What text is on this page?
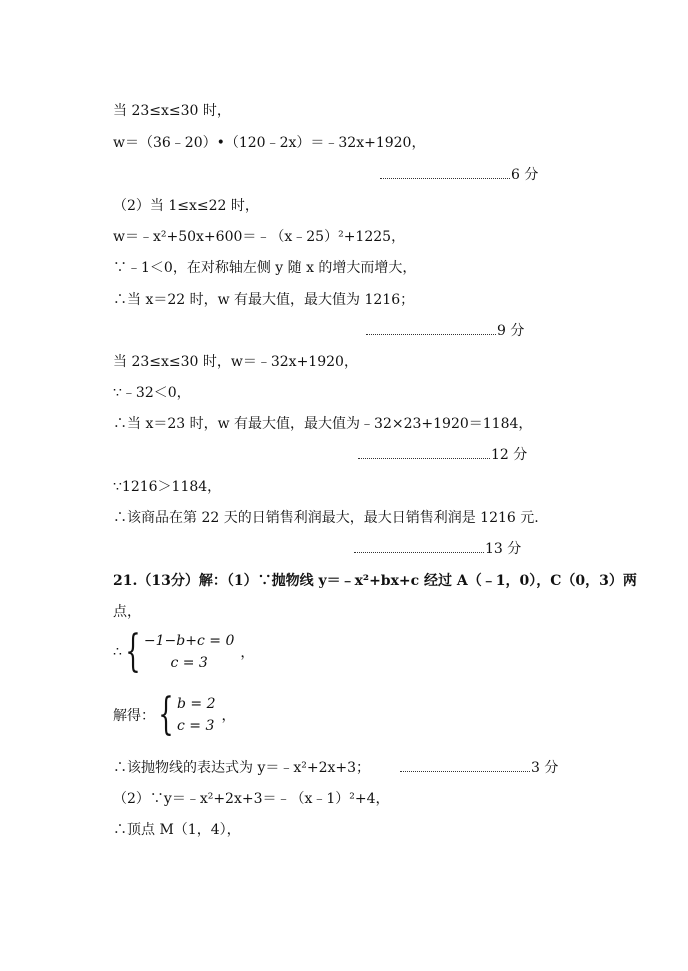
当 23≤x≤30 时，
w＝（36﹣20）•（120﹣2x）＝﹣32x+1920，
6 分
（2）当 1≤x≤22 时，
w＝﹣x²+50x+600＝﹣（x﹣25）²+1225，
∵﹣1＜0，在对称轴左侧 y 随 x 的增大而增大，
∴当 x＝22 时，w 有最大值，最大值为 1216；
9 分
当 23≤x≤30 时，w＝﹣32x+1920，
∵﹣32＜0，
∴当 x＝23 时，w 有最大值，最大值为﹣32×23+1920＝1184，
12 分
∵1216＞1184，
∴该商品在第 22 天的日销售利润最大，最大日销售利润是 1216 元.
13 分
21.（13分）解：（1）∵抛物线 y＝﹣x²+bx+c 经过 A（﹣1，0），C（0，3）两
点，
∴ { −1−b+c = 0
c = 3
，
解得： { b = 2
c = 3
，
∴该抛物线的表达式为 y＝﹣x²+2x+3；	3 分
（2）∵y＝﹣x²+2x+3＝﹣（x﹣1）²+4，
∴顶点 M（1，4），
